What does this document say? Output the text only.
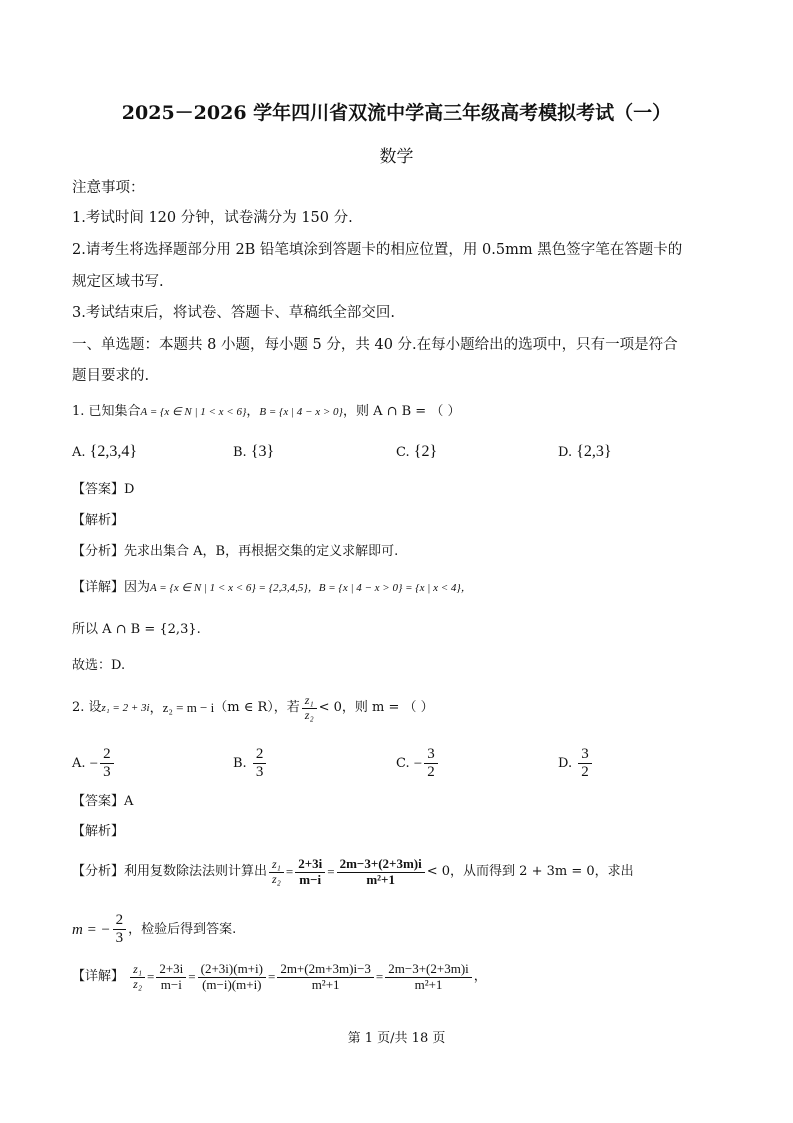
2025－2026 学年四川省双流中学高三年级高考模拟考试（一）
数学
注意事项：
1.考试时间 120 分钟，试卷满分为 150 分.
2.请考生将选择题部分用 2B 铅笔填涂到答题卡的相应位置，用 0.5mm 黑色签字笔在答题卡的
规定区域书写.
3.考试结束后，将试卷、答题卡、草稿纸全部交回.
一、单选题：本题共 8 小题，每小题 5 分，共 40 分.在每小题给出的选项中，只有一项是符合
题目要求的.
1. 已知集合A = {x ∈ N | 1 < x < 6}，B = {x | 4 − x > 0}，则 A ∩ B = （ ）
A. {2,3,4}	B. {3}	C. {2}	D. {2,3}
【答案】D
【解析】
【分析】先求出集合 A，B，再根据交集的定义求解即可.
【详解】因为A = {x ∈ N | 1 < x < 6} = {2,3,4,5}，B = {x | 4 − x > 0} = {x | x < 4}，
所以 A ∩ B = {2,3}.
故选：D.
2. 设 z₁ = 2 + 3i ，z₂ = m − i （m ∈ R），若 $\frac{\text{z₁}}{\text{z₂}} < 0$，则 m = （ ）
A.
− $\frac{2}{3}$	B.
$\frac{2}{3}$	C.
− $\frac{3}{2}$	D.
$\frac{3}{2}$
【答案】A
【解析】
【分析】利用复数除法法则计算出 $\frac{\text{z₁}}{\text{z₂}} = \frac{2+3i}{m-i} = \frac{2m-3+(2+3m)i}{\text{m²+1}} < 0$，从而得到 2 + 3m = 0，求出
m = − $\frac{2}{3}$ ，检验后得到答案.
【详解】
$\frac{\text{z₁}}{\text{z₂}} = \frac{2+3i}{m-i} = \frac{(2+3i)(m+i)}{(m-i)(m+i)} = \frac{2m+(2m+3m)i-3}{\text{m²+1}} = \frac{2m-3+(2+3m)i}{\text{m²+1}}$ ，
第 1 页/共 18 页
